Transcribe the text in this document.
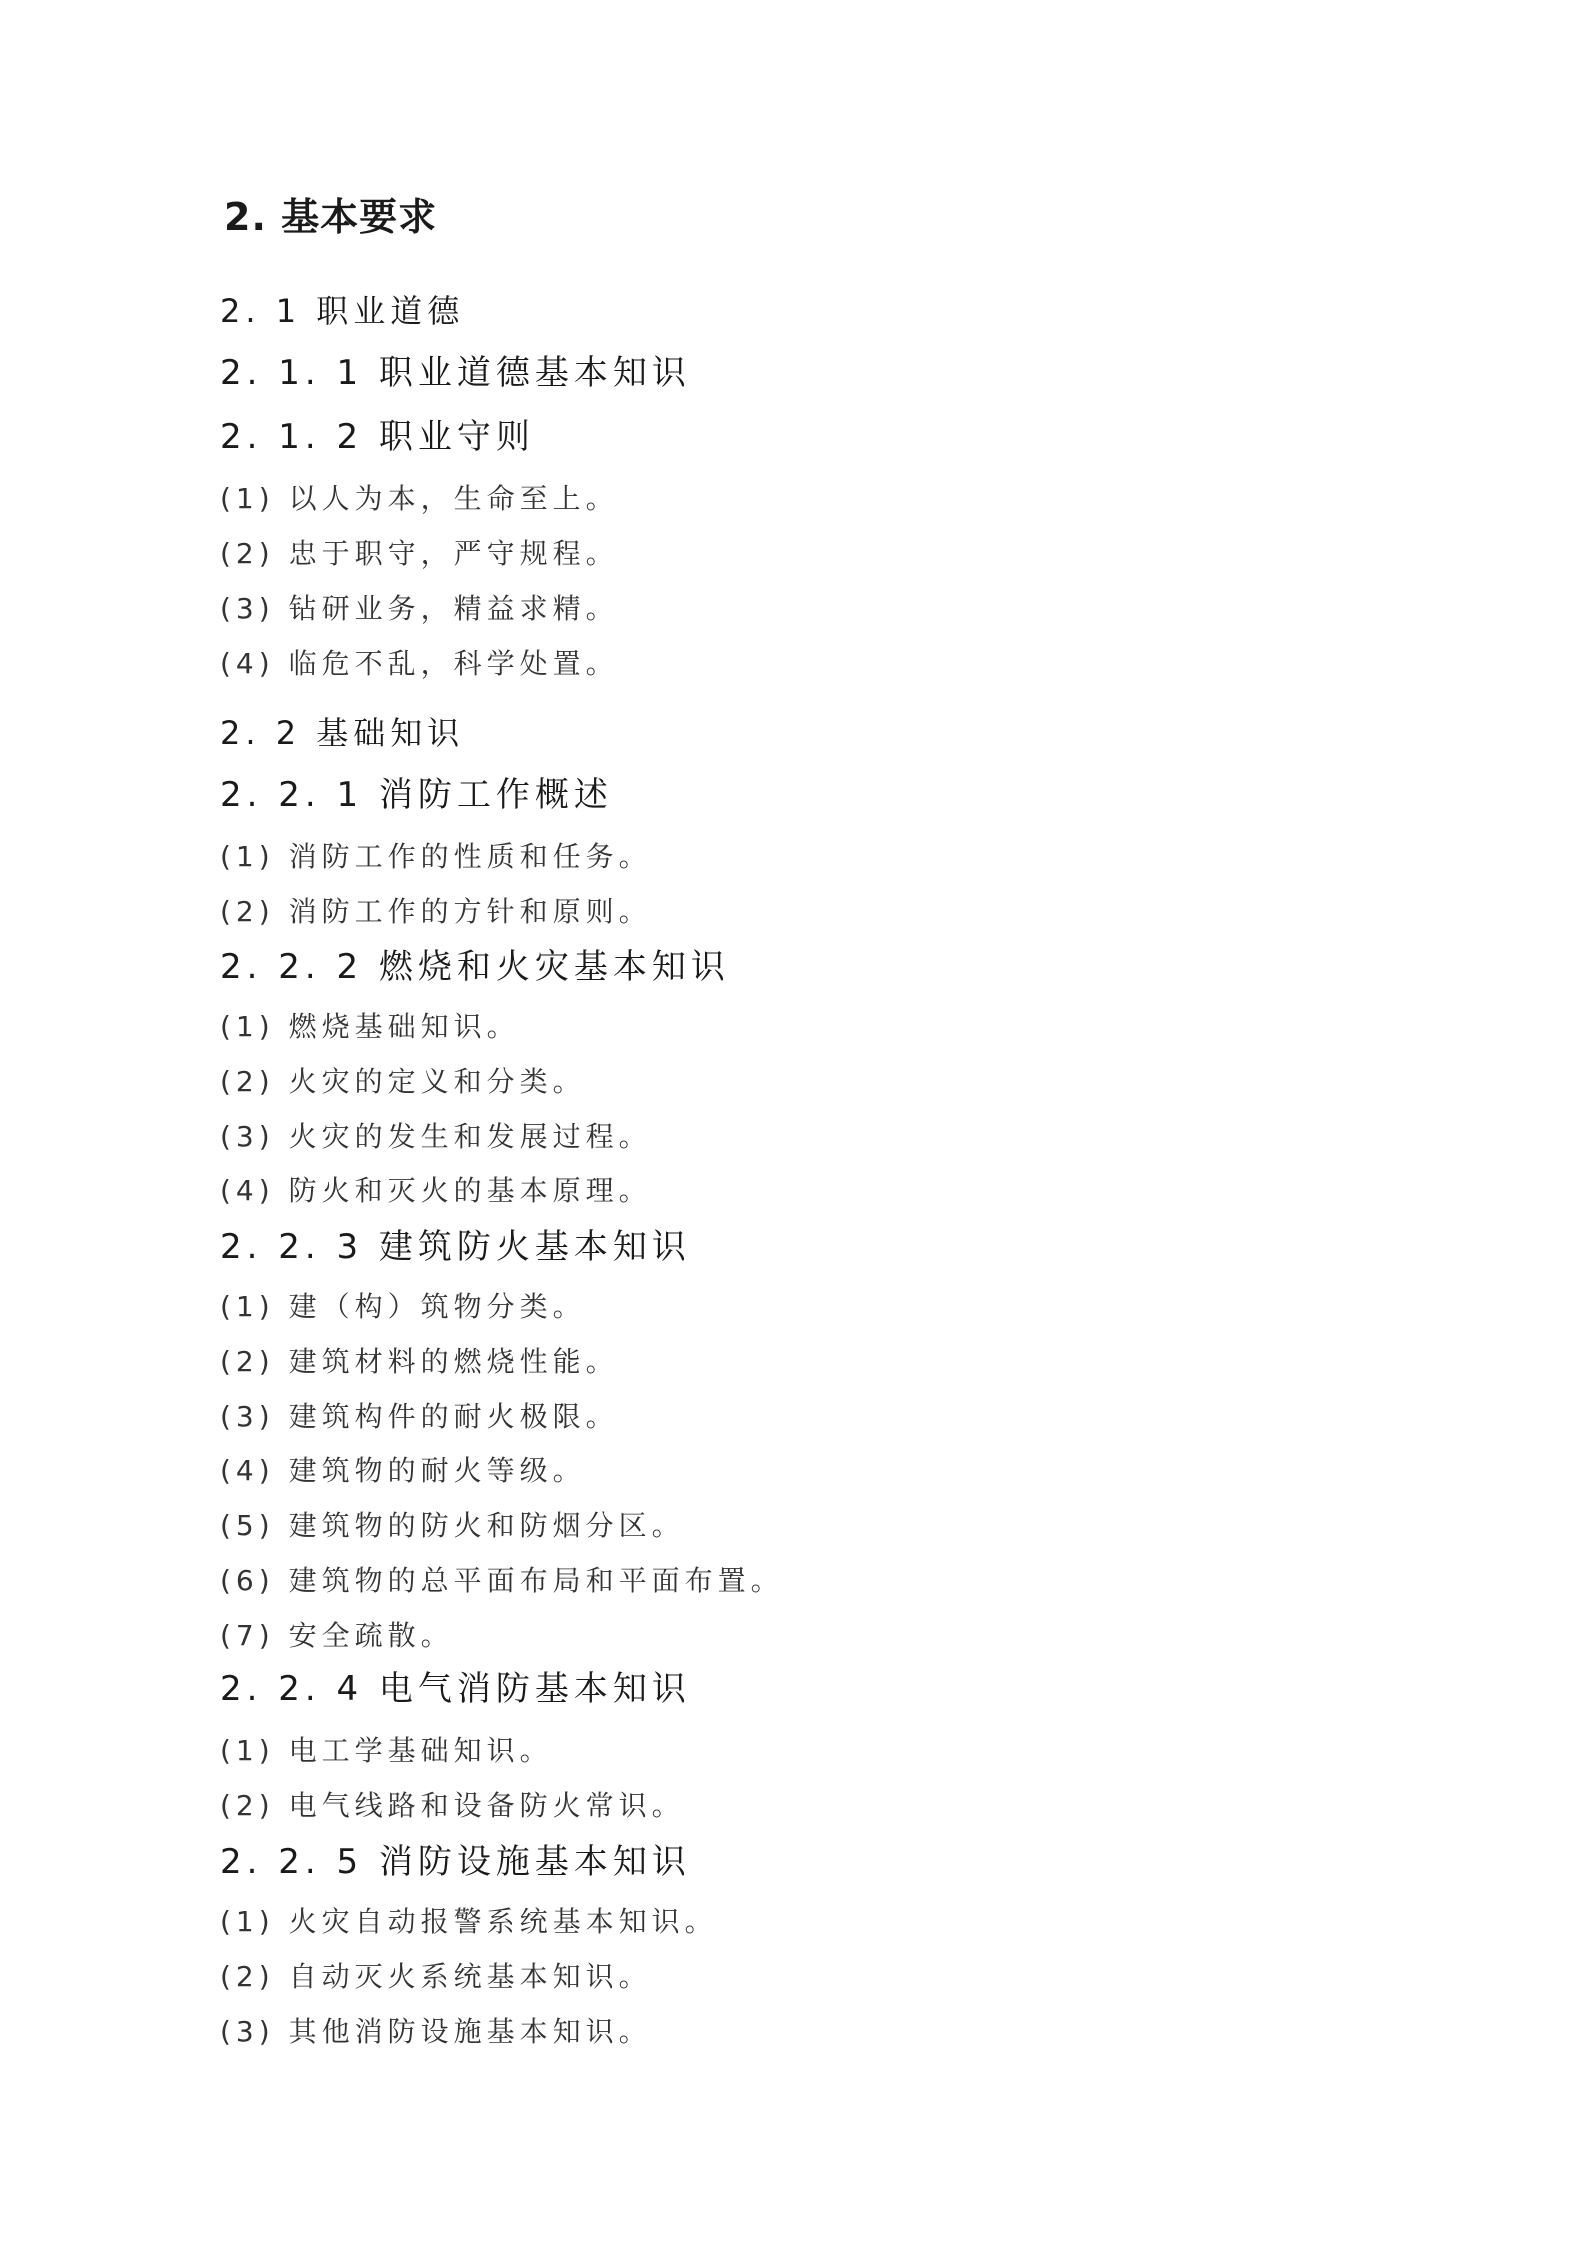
2. 基本要求
2. 1 职业道德
2. 1. 1 职业道德基本知识
2. 1. 2 职业守则
(1) 以人为本，生命至上。
(2) 忠于职守，严守规程。
(3) 钻研业务，精益求精。
(4) 临危不乱，科学处置。
2. 2 基础知识
2. 2. 1 消防工作概述
(1) 消防工作的性质和任务。
(2) 消防工作的方针和原则。
2. 2. 2 燃烧和火灾基本知识
(1) 燃烧基础知识。
(2) 火灾的定义和分类。
(3) 火灾的发生和发展过程。
(4) 防火和灭火的基本原理。
2. 2. 3 建筑防火基本知识
(1) 建（构）筑物分类。
(2) 建筑材料的燃烧性能。
(3) 建筑构件的耐火极限。
(4) 建筑物的耐火等级。
(5) 建筑物的防火和防烟分区。
(6) 建筑物的总平面布局和平面布置。
(7) 安全疏散。
2. 2. 4 电气消防基本知识
(1) 电工学基础知识。
(2) 电气线路和设备防火常识。
2. 2. 5 消防设施基本知识
(1) 火灾自动报警系统基本知识。
(2) 自动灭火系统基本知识。
(3) 其他消防设施基本知识。
